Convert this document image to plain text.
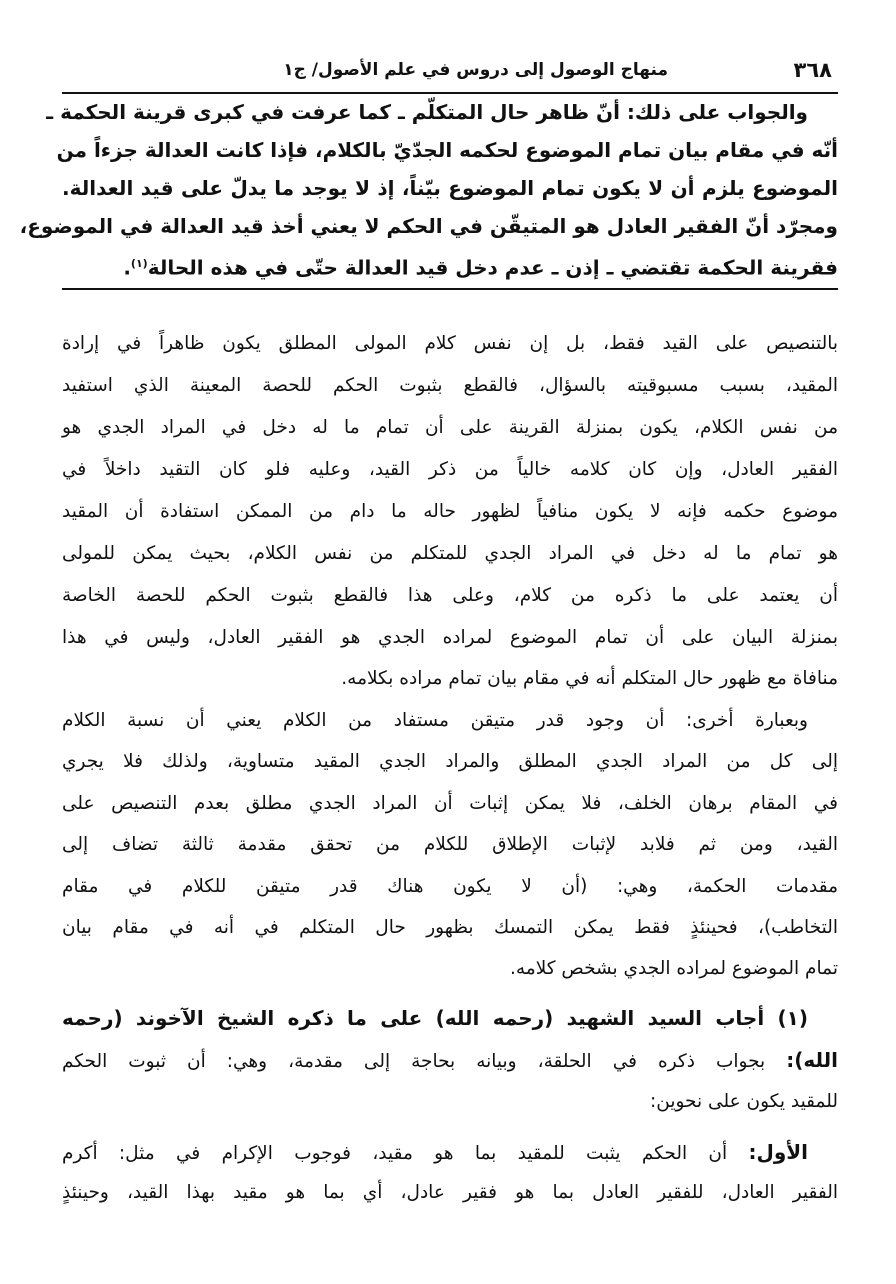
٣٦٨
منهاج الوصول إلى دروس في علم الأصول/ ج١
والجواب على ذلك: أنّ ظاهر حال المتكلّم ـ كما عرفت في كبرى قرينة الحكمة ـ
أنّه في مقام بيان تمام الموضوع لحكمه الجدّيّ بالكلام، فإذا كانت العدالة جزءاً من
الموضوع يلزم أن لا يكون تمام الموضوع بيّناً، إذ لا يوجد ما يدلّ على قيد العدالة.
ومجرّد أنّ الفقير العادل هو المتيقّن في الحكم لا يعني أخذ قيد العدالة في الموضوع،
فقرينة الحكمة تقتضي ـ إذن ـ عدم دخل قيد العدالة حتّى في هذه الحالة$^{(١)}$.
بالتنصيص على القيد فقط، بل إن نفس كلام المولى المطلق يكون ظاهراً في إرادة
المقيد، بسبب مسبوقيته بالسؤال، فالقطع بثبوت الحكم للحصة المعينة الذي استفيد
من نفس الكلام، يكون بمنزلة القرينة على أن تمام ما له دخل في المراد الجدي هو
الفقير العادل، وإن كان كلامه خالياً من ذكر القيد، وعليه فلو كان التقيد داخلاً في
موضوع حكمه فإنه لا يكون منافياً لظهور حاله ما دام من الممكن استفادة أن المقيد
هو تمام ما له دخل في المراد الجدي للمتكلم من نفس الكلام، بحيث يمكن للمولى
أن يعتمد على ما ذكره من كلام، وعلى هذا فالقطع بثبوت الحكم للحصة الخاصة
بمنزلة البيان على أن تمام الموضوع لمراده الجدي هو الفقير العادل، وليس في هذا
منافاة مع ظهور حال المتكلم أنه في مقام بيان تمام مراده بكلامه.
وبعبارة أخرى: أن وجود قدر متيقن مستفاد من الكلام يعني أن نسبة الكلام
إلى كل من المراد الجدي المطلق والمراد الجدي المقيد متساوية، ولذلك فلا يجري
في المقام برهان الخلف، فلا يمكن إثبات أن المراد الجدي مطلق بعدم التنصيص على
القيد، ومن ثم فلابد لإثبات الإطلاق للكلام من تحقق مقدمة ثالثة تضاف إلى
مقدمات الحكمة، وهي: (أن لا يكون هناك قدر متيقن للكلام في مقام
التخاطب)، فحينئذٍ فقط يمكن التمسك بظهور حال المتكلم في أنه في مقام بيان
تمام الموضوع لمراده الجدي بشخص كلامه.
(١) أجاب السيد الشهيد (رحمه الله) على ما ذكره الشيخ الآخوند (رحمه
الله): بجواب ذكره في الحلقة، وبيانه بحاجة إلى مقدمة، وهي: أن ثبوت الحكم
للمقيد يكون على نحوين:
الأول: أن الحكم يثبت للمقيد بما هو مقيد، فوجوب الإكرام في مثل: أكرم
الفقير العادل، للفقير العادل بما هو فقير عادل، أي بما هو مقيد بهذا القيد، وحينئذٍ
